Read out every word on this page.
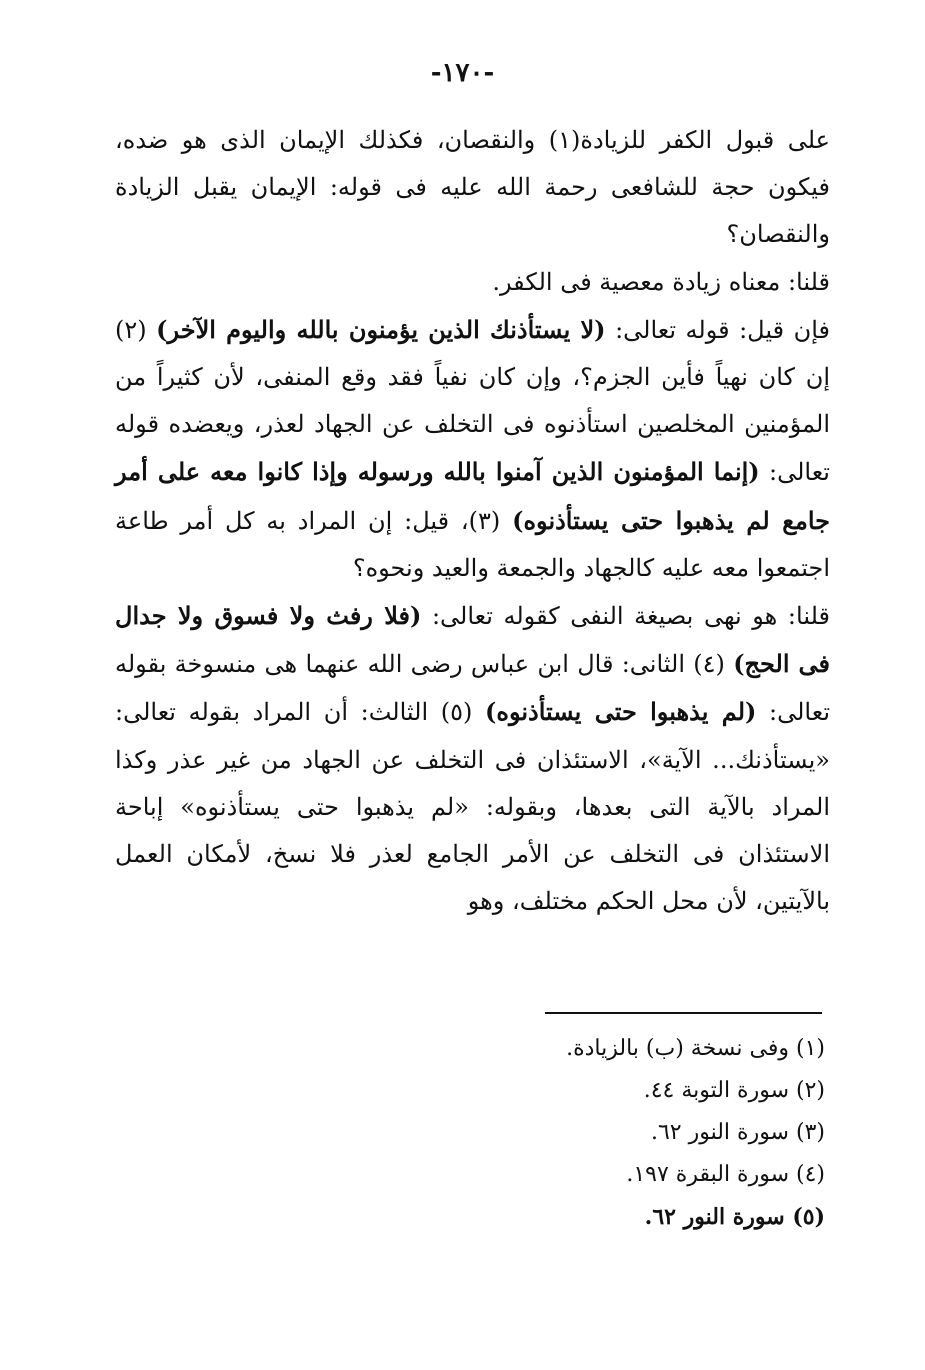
-١٧٠-

على قبول الكفر للزيادة(١) والنقصان، فكذلك الإيمان الذى هو ضده، فيكون حجة للشافعى رحمة الله عليه فى قوله: الإيمان يقبل الزيادة والنقصان؟

قلنا: معناه زيادة معصية فى الكفر.

فإن قيل: قوله تعالى: (لا يستأذنك الذين يؤمنون بالله واليوم الآخر) (٢) إن كان نهياً فأين الجزم؟، وإن كان نفياً فقد وقع المنفى، لأن كثيراً من المؤمنين المخلصين استأذنوه فى التخلف عن الجهاد لعذر، ويعضده قوله تعالى: (إنما المؤمنون الذين آمنوا بالله ورسوله وإذا كانوا معه على أمر جامع لم يذهبوا حتى يستأذنوه) (٣)، قيل: إن المراد به كل أمر طاعة اجتمعوا معه عليه كالجهاد والجمعة والعيد ونحوه؟

قلنا: هو نهى بصيغة النفى كقوله تعالى: (فلا رفث ولا فسوق ولا جدال فى الحج) (٤) الثانى: قال ابن عباس رضى الله عنهما هى منسوخة بقوله تعالى: (لم يذهبوا حتى يستأذنوه) (٥) الثالث: أن المراد بقوله تعالى: «يستأذنك... الآية»، الاستئذان فى التخلف عن الجهاد من غير عذر وكذا المراد بالآية التى بعدها، وبقوله: «لم يذهبوا حتى يستأذنوه» إباحة الاستئذان فى التخلف عن الأمر الجامع لعذر فلا نسخ، لأمكان العمل بالآيتين، لأن محل الحكم مختلف، وهو

(١) وفى نسخة (ب) بالزيادة.
(٢) سورة التوبة ٤٤.
(٣) سورة النور ٦٢.
(٤) سورة البقرة ١٩٧.
(٥) سورة النور ٦٢.
